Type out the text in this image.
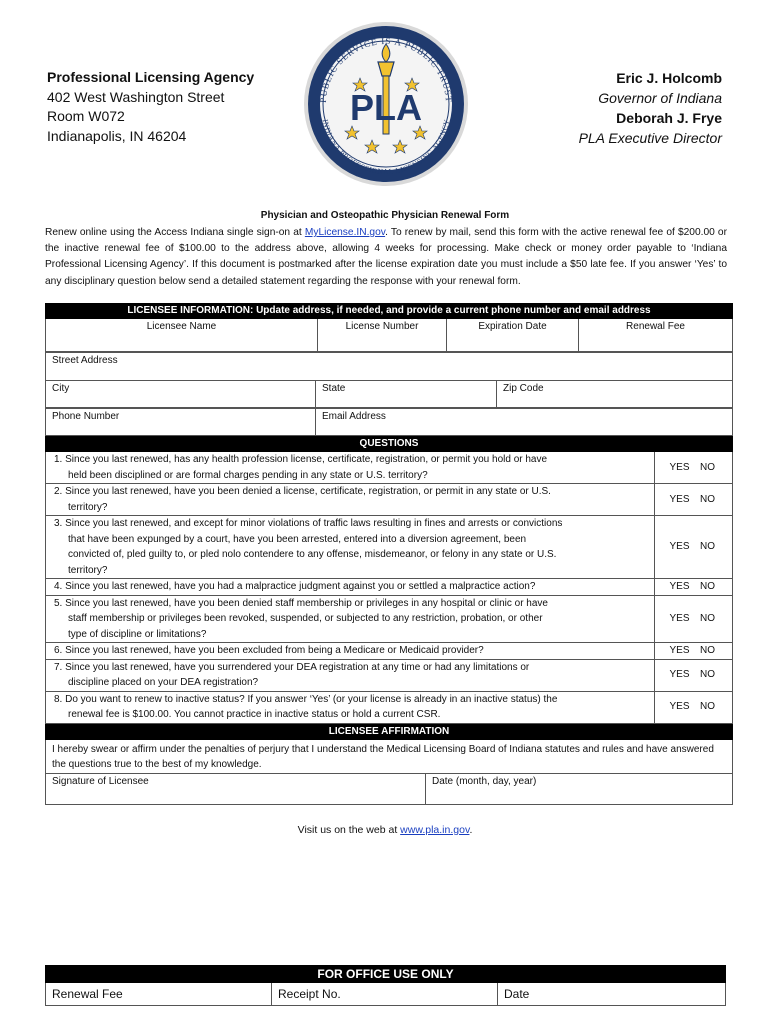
Professional Licensing Agency
402 West Washington Street
Room W072
Indianapolis, IN 46204
PUBLIC SERVICE IS A PUBLIC TRUST
INDIANA PROFESSIONAL LICENSING AGENCY
PLA
Eric J. Holcomb
Governor of Indiana
Deborah J. Frye
PLA Executive Director
Physician and Osteopathic Physician Renewal Form
Renew online using the Access Indiana single sign-on at MyLicense.IN.gov. To renew by mail, send this form with the active renewal fee of $200.00 or the inactive renewal fee of $100.00 to the address above, allowing 4 weeks for processing. Make check or money order payable to ‘Indiana Professional Licensing Agency’. If this document is postmarked after the license expiration date you must include a $50 late fee. If you answer ‘Yes’ to any disciplinary question below send a detailed statement regarding the response with your renewal form.
LICENSEE INFORMATION: Update address, if needed, and provide a current phone number and email address
Licensee Name	License Number	Expiration Date	Renewal Fee
Street Address
City	State	Zip Code
Phone Number	Email Address
QUESTIONS	
1. Since you last renewed, has any health profession license, certificate, registration, or permit you hold or have
held been disciplined or are formal charges pending in any state or U.S. territory?	YES NO
2. Since you last renewed, have you been denied a license, certificate, registration, or permit in any state or U.S.
territory?	YES NO
3. Since you last renewed, and except for minor violations of traffic laws resulting in fines and arrests or convictions
that have been expunged by a court, have you been arrested, entered into a diversion agreement, been
convicted of, pled guilty to, or pled nolo contendere to any offense, misdemeanor, or felony in any state or U.S.
territory?	YES NO
4. Since you last renewed, have you had a malpractice judgment against you or settled a malpractice action?	YES NO
5. Since you last renewed, have you been denied staff membership or privileges in any hospital or clinic or have
staff membership or privileges been revoked, suspended, or subjected to any restriction, probation, or other
type of discipline or limitations?	YES NO
6. Since you last renewed, have you been excluded from being a Medicare or Medicaid provider?	YES NO
7. Since you last renewed, have you surrendered your DEA registration at any time or had any limitations or
discipline placed on your DEA registration?	YES NO
8. Do you want to renew to inactive status? If you answer ‘Yes’ (or your license is already in an inactive status) the
renewal fee is $100.00. You cannot practice in inactive status or hold a current CSR.	YES NO
LICENSEE AFFIRMATION
I hereby swear or affirm under the penalties of perjury that I understand the Medical Licensing Board of Indiana statutes and rules and have answered the questions true to the best of my knowledge.
Signature of Licensee	Date (month, day, year)
Visit us on the web at www.pla.in.gov.
FOR OFFICE USE ONLY
Renewal Fee	Receipt No.	Date
